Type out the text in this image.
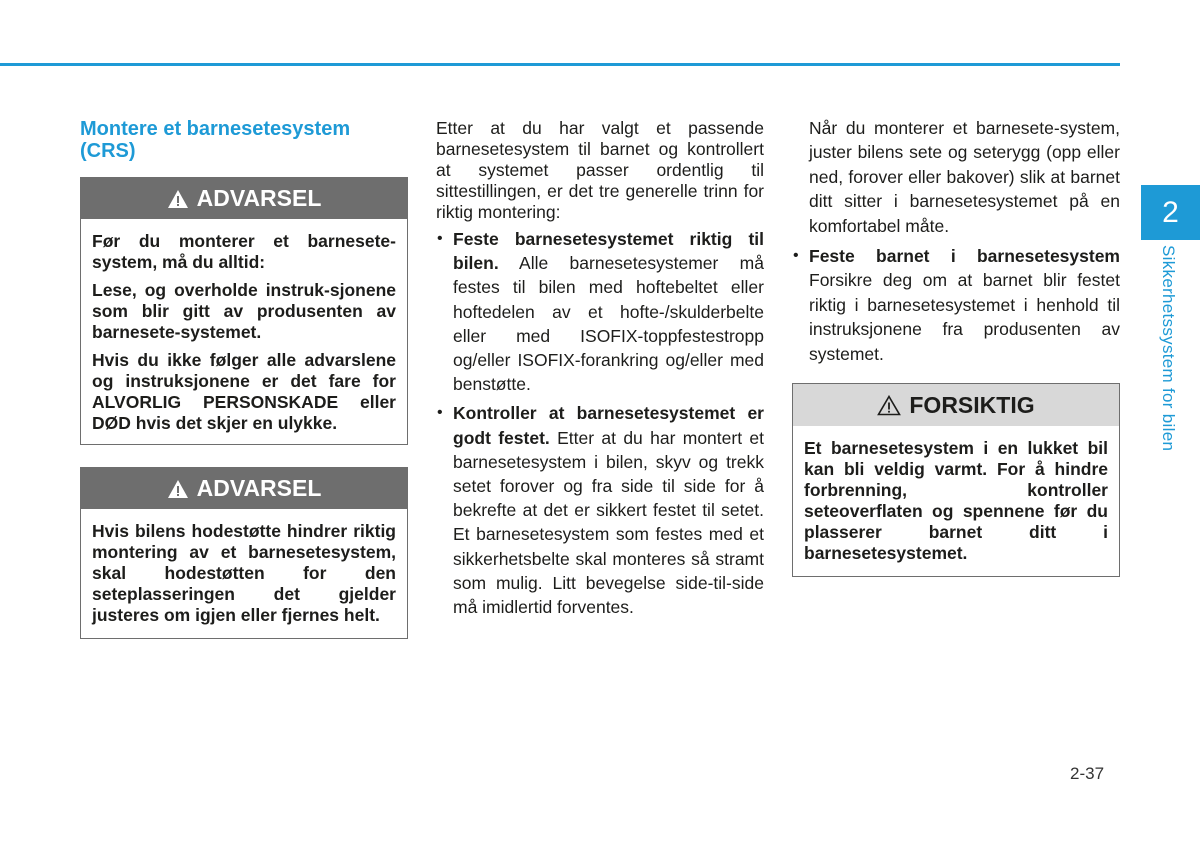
2
Sikkerhetssystem for bilen
Montere et barnesetesystem
(CRS)
ADVARSEL

Før du monterer et barnesete-system, må du alltid:

Lese, og overholde instruk-sjonene som blir gitt av produsenten av barnesete-systemet.

Hvis du ikke følger alle advarslene og instruksjonene er det fare for ALVORLIG PERSONSKADE eller DØD hvis det skjer en ulykke.

ADVARSEL

Hvis bilens hodestøtte hindrer riktig montering av et barnesetesystem, skal hodestøtten for den seteplasseringen det gjelder justeres om igjen eller fjernes helt.

Etter at du har valgt et passende barnesetesystem til barnet og kontrollert at systemet passer ordentlig til sittestillingen, er det tre generelle trinn for riktig montering:

• Feste barnesetesystemet riktig til bilen. Alle barnesetesystemer må festes til bilen med hoftebeltet eller hoftedelen av et hofte-/skulderbelte eller med ISOFIX-toppfestestropp og/eller ISOFIX-forankring og/eller med benstøtte.
• Kontroller at barnesetesystemet er godt festet. Etter at du har montert et barnesetesystem i bilen, skyv og trekk setet forover og fra side til side for å bekrefte at det er sikkert festet til setet. Et barnesetesystem som festes med et sikkerhetsbelte skal monteres så stramt som mulig. Litt bevegelse side-til-side må imidlertid forventes.

Når du monterer et barnesete-system, juster bilens sete og seterygg (opp eller ned, forover eller bakover) slik at barnet ditt sitter i barnesetesystemet på en komfortabel måte.

• Feste barnet i barnesetesystem Forsikre deg om at barnet blir festet riktig i barnesetesystemet i henhold til instruksjonene fra produsenten av systemet.
FORSIKTIG

Et barnesetesystem i en lukket bil kan bli veldig varmt. For å hindre forbrenning, kontroller seteoverflaten og spennene før du plasserer barnet ditt i barnesetesystemet.

2-37
